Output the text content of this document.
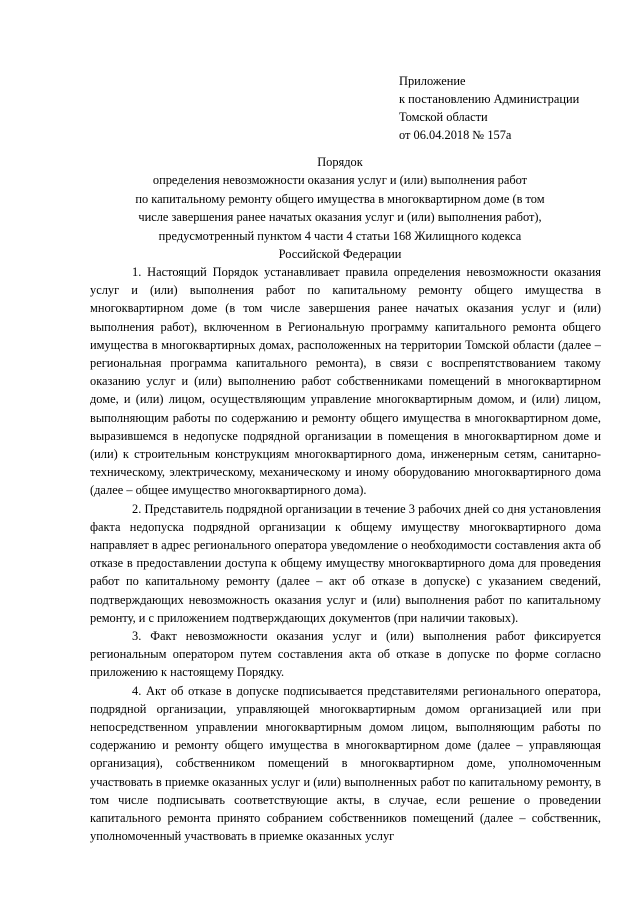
Приложение
к постановлению Администрации
Томской области
от 06.04.2018 № 157а
Порядок
определения невозможности оказания услуг и (или) выполнения работ
по капитальному ремонту общего имущества в многоквартирном доме (в том
числе завершения ранее начатых оказания услуг и (или) выполнения работ),
предусмотренный пунктом 4 части 4 статьи 168 Жилищного кодекса
Российской Федерации

1. Настоящий Порядок устанавливает правила определения невозможности оказания услуг и (или) выполнения работ по капитальному ремонту общего имущества в многоквартирном доме (в том числе завершения ранее начатых оказания услуг и (или) выполнения работ), включенном в Региональную программу капитального ремонта общего имущества в многоквартирных домах, расположенных на территории Томской области (далее – региональная программа капитального ремонта), в связи с воспрепятствованием такому оказанию услуг и (или) выполнению работ собственниками помещений в многоквартирном доме, и (или) лицом, осуществляющим управление многоквартирным домом, и (или) лицом, выполняющим работы по содержанию и ремонту общего имущества в многоквартирном доме, выразившемся в недопуске подрядной организации в помещения в многоквартирном доме и (или) к строительным конструкциям многоквартирного дома, инженерным сетям, санитарно-техническому, электрическому, механическому и иному оборудованию многоквартирного дома (далее – общее имущество многоквартирного дома).

2. Представитель подрядной организации в течение 3 рабочих дней со дня установления факта недопуска подрядной организации к общему имуществу многоквартирного дома направляет в адрес регионального оператора уведомление о необходимости составления акта об отказе в предоставлении доступа к общему имуществу многоквартирного дома для проведения работ по капитальному ремонту (далее – акт об отказе в допуске) с указанием сведений, подтверждающих невозможность оказания услуг и (или) выполнения работ по капитальному ремонту, и с приложением подтверждающих документов (при наличии таковых).

3. Факт невозможности оказания услуг и (или) выполнения работ фиксируется региональным оператором путем составления акта об отказе в допуске по форме согласно приложению к настоящему Порядку.

4. Акт об отказе в допуске подписывается представителями регионального оператора, подрядной организации, управляющей многоквартирным домом организацией или при непосредственном управлении многоквартирным домом лицом, выполняющим работы по содержанию и ремонту общего имущества в многоквартирном доме (далее – управляющая организация), собственником помещений в многоквартирном доме, уполномоченным участвовать в приемке оказанных услуг и (или) выполненных работ по капитальному ремонту, в том числе подписывать соответствующие акты, в случае, если решение о проведении капитального ремонта принято собранием собственников помещений (далее – собственник, уполномоченный участвовать в приемке оказанных услуг
